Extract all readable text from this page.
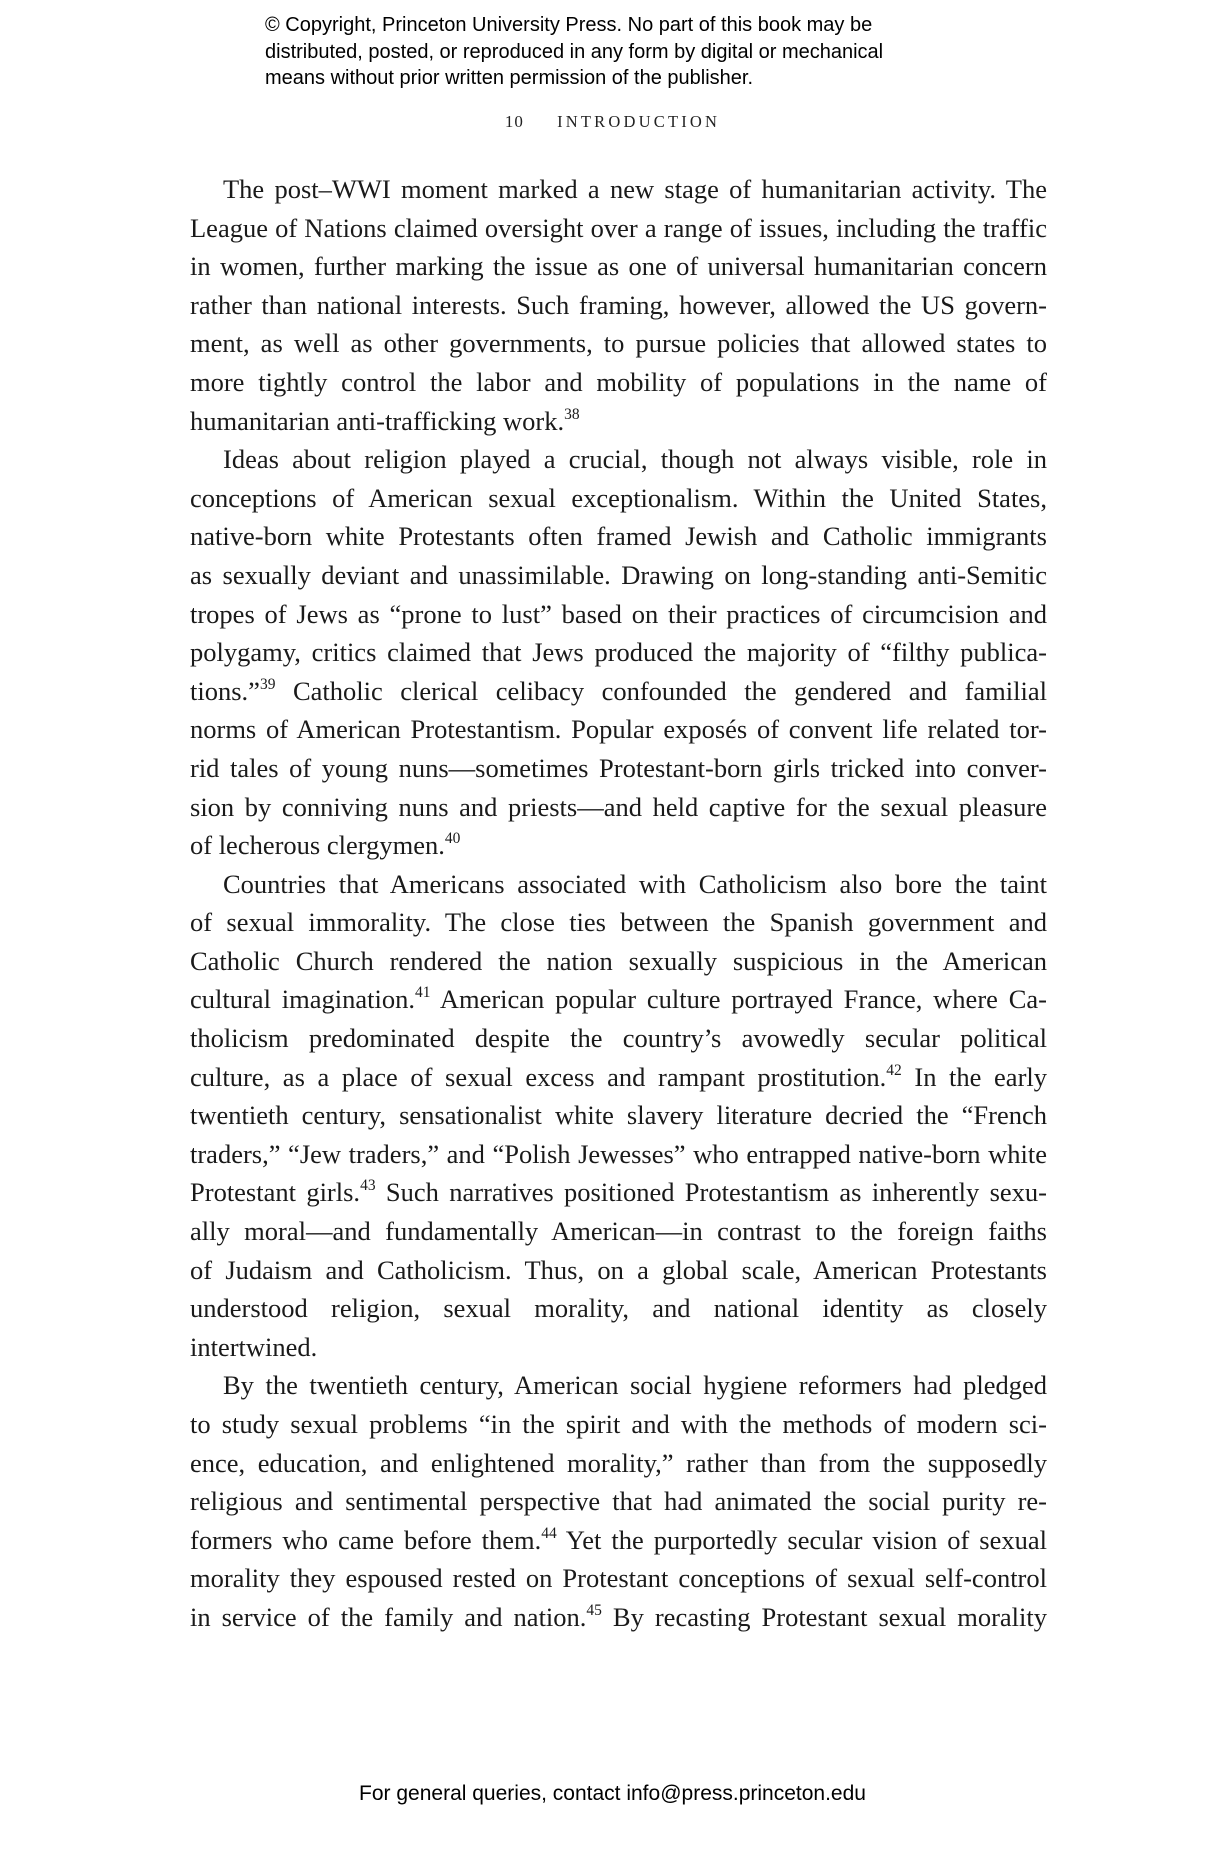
© Copyright, Princeton University Press. No part of this book may be

distributed, posted, or reproduced in any form by digital or mechanical

means without prior written permission of the publisher.

10 INTRODUCTION
The post–WWI moment marked a new stage of humanitarian activity. The
League of Nations claimed oversight over a range of issues, including the traffic
in women, further marking the issue as one of universal humanitarian concern
rather than national interests. Such framing, however, allowed the US govern-
ment, as well as other governments, to pursue policies that allowed states to
more tightly control the labor and mobility of populations in the name of
humanitarian anti-trafficking work.$^{38}$
Ideas about religion played a crucial, though not always visible, role in
conceptions of American sexual exceptionalism. Within the United States,
native-born white Protestants often framed Jewish and Catholic immigrants
as sexually deviant and unassimilable. Drawing on long-standing anti-Semitic
tropes of Jews as “prone to lust” based on their practices of circumcision and
polygamy, critics claimed that Jews produced the majority of “filthy publica-
tions.”$^{39}$ Catholic clerical celibacy confounded the gendered and familial
norms of American Protestantism. Popular exposés of convent life related tor-
rid tales of young nuns—sometimes Protestant-born girls tricked into conver-
sion by conniving nuns and priests—and held captive for the sexual pleasure
of lecherous clergymen.$^{40}$
Countries that Americans associated with Catholicism also bore the taint
of sexual immorality. The close ties between the Spanish government and
Catholic Church rendered the nation sexually suspicious in the American
cultural imagination.$^{41}$ American popular culture portrayed France, where Ca-
tholicism predominated despite the country’s avowedly secular political
culture, as a place of sexual excess and rampant prostitution.$^{42}$ In the early
twentieth century, sensationalist white slavery literature decried the “French
traders,” “Jew traders,” and “Polish Jewesses” who entrapped native-born white
Protestant girls.$^{43}$ Such narratives positioned Protestantism as inherently sexu-
ally moral—and fundamentally American—in contrast to the foreign faiths
of Judaism and Catholicism. Thus, on a global scale, American Protestants
understood religion, sexual morality, and national identity as closely
intertwined.
By the twentieth century, American social hygiene reformers had pledged
to study sexual problems “in the spirit and with the methods of modern sci-
ence, education, and enlightened morality,” rather than from the supposedly
religious and sentimental perspective that had animated the social purity re-
formers who came before them.$^{44}$ Yet the purportedly secular vision of sexual
morality they espoused rested on Protestant conceptions of sexual self-control
in service of the family and nation.$^{45}$ By recasting Protestant sexual morality
For general queries, contact info@press.princeton.edu
